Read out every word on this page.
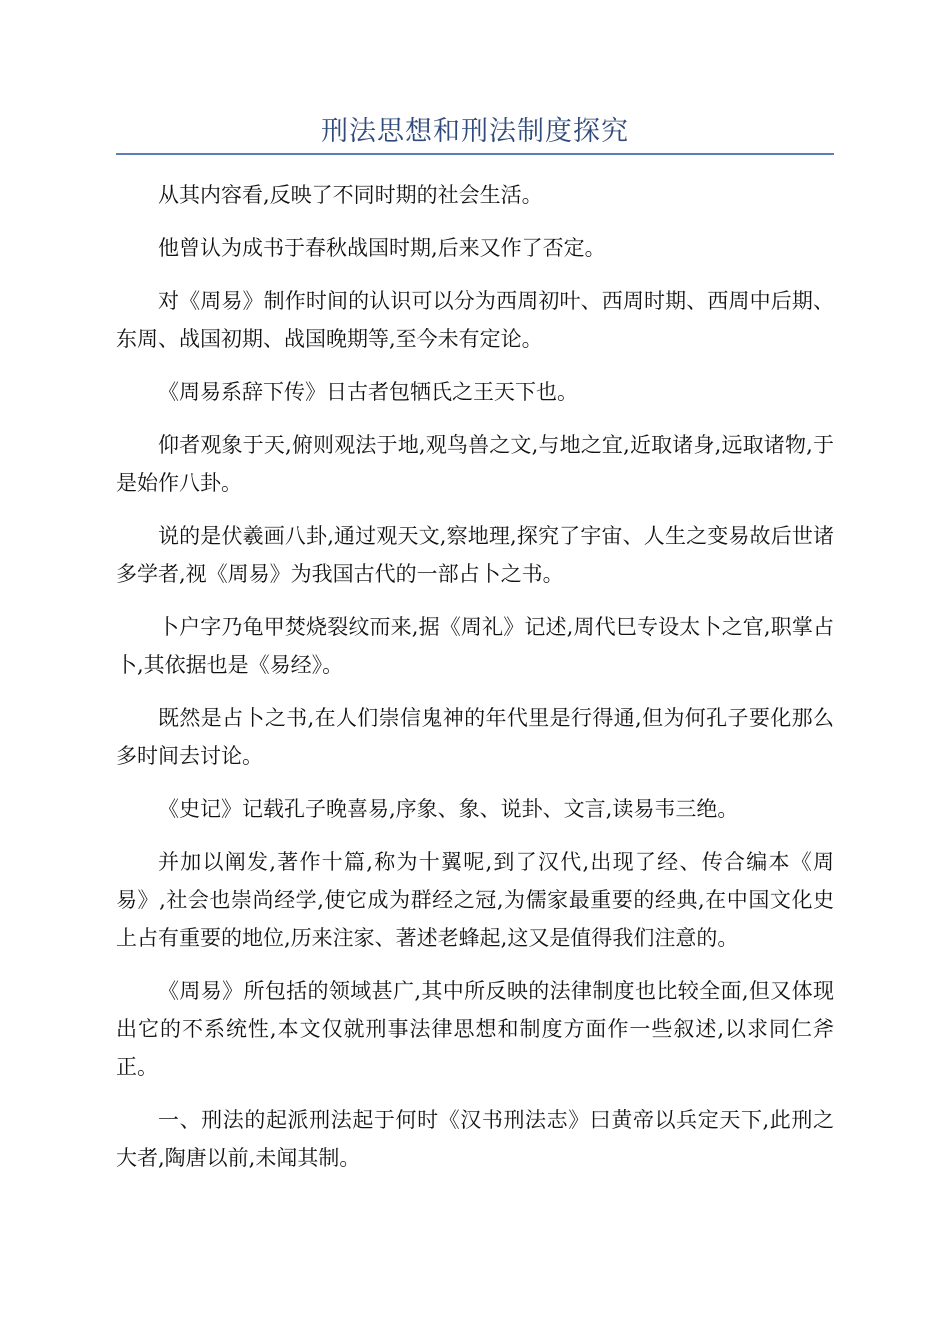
刑法思想和刑法制度探究

从其内容看,反映了不同时期的社会生活。

他曾认为成书于春秋战国时期,后来又作了否定。

对《周易》制作时间的认识可以分为西周初叶、西周时期、西周中后期、东周、战国初期、战国晚期等,至今未有定论。

《周易系辞下传》日古者包牺氏之王天下也。

仰者观象于天,俯则观法于地,观鸟兽之文,与地之宜,近取诸身,远取诸物,于是始作八卦。

说的是伏羲画八卦,通过观天文,察地理,探究了宇宙、人生之变易故后世诸多学者,视《周易》为我国古代的一部占卜之书。

卜户字乃龟甲焚烧裂纹而来,据《周礼》记述,周代巳专设太卜之官,职掌占卜,其依据也是《易经》。

既然是占卜之书,在人们崇信鬼神的年代里是行得通,但为何孔子要化那么多时间去讨论。

《史记》记载孔子晚喜易,序象、象、说卦、文言,读易韦三绝。

并加以阐发,著作十篇,称为十翼呢,到了汉代,出现了经、传合编本《周易》,社会也崇尚经学,使它成为群经之冠,为儒家最重要的经典,在中国文化史上占有重要的地位,历来注家、著述老蜂起,这又是值得我们注意的。

《周易》所包括的领域甚广,其中所反映的法律制度也比较全面,但又体现出它的不系统性,本文仅就刑事法律思想和制度方面作一些叙述,以求同仁斧正。

一、刑法的起派刑法起于何时《汉书刑法志》曰黄帝以兵定天下,此刑之大者,陶唐以前,未闻其制。
